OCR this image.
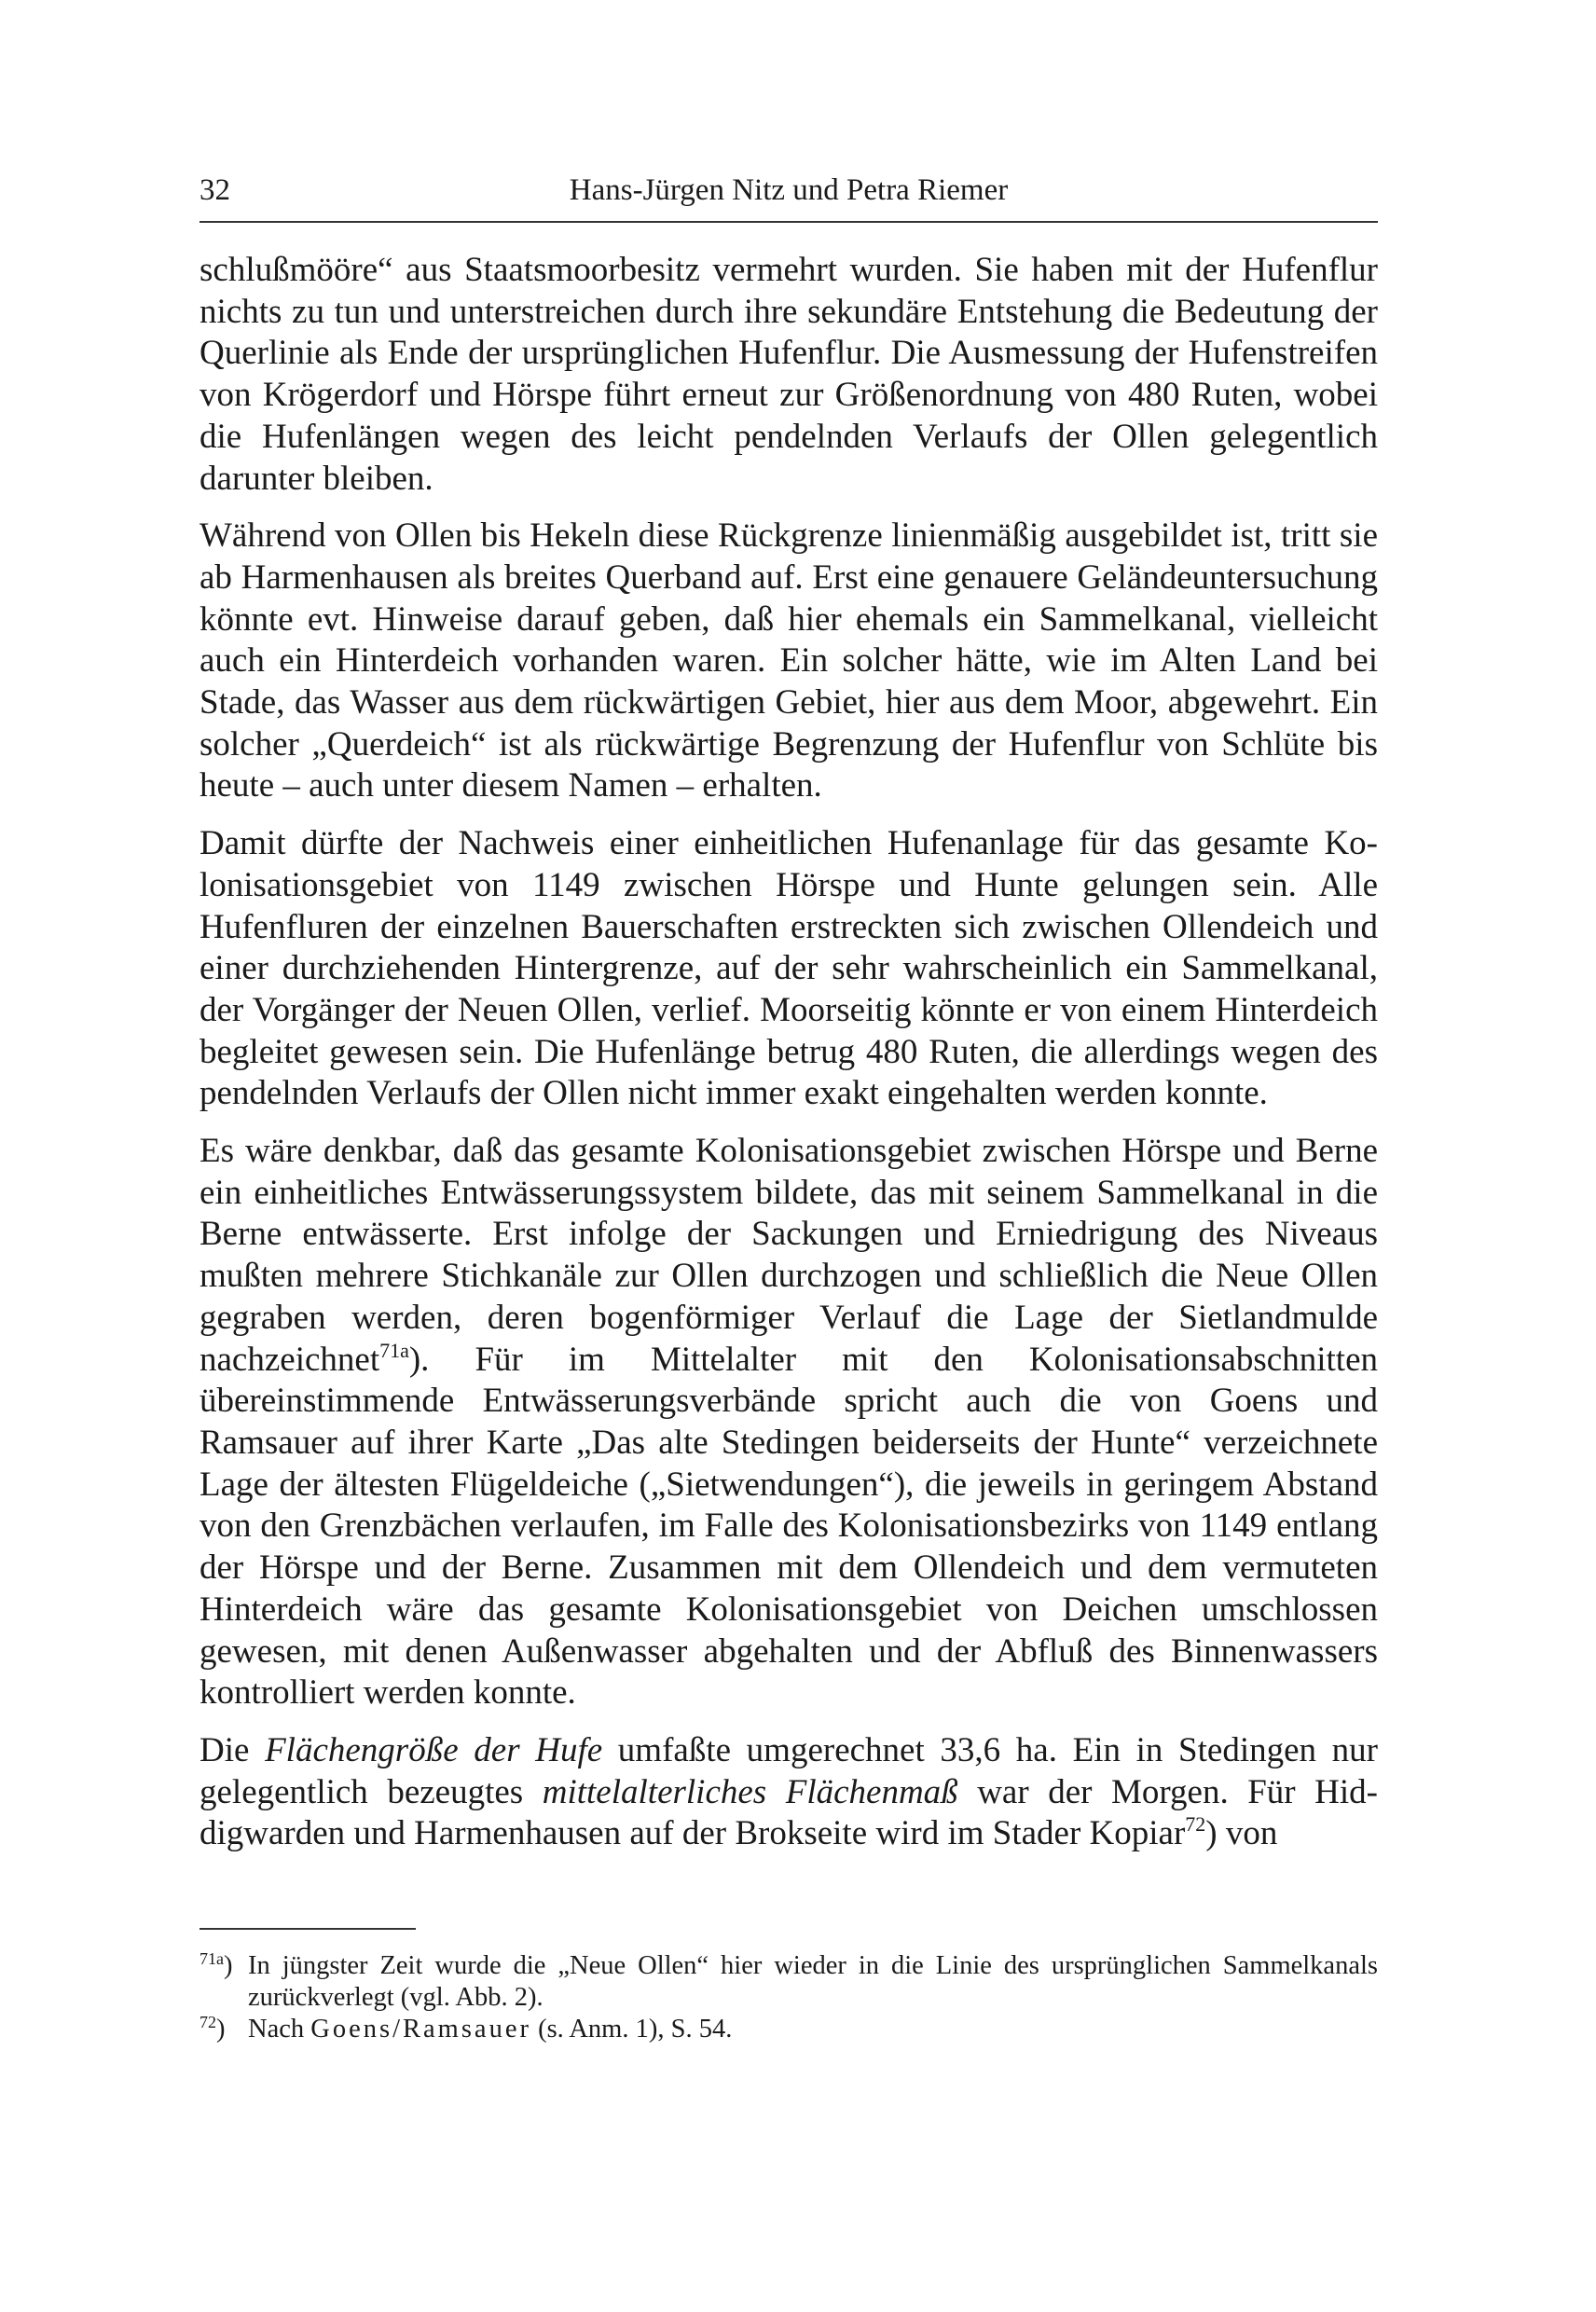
32	Hans-Jürgen Nitz und Petra Riemer

schlußmööre“ aus Staatsmoorbesitz vermehrt wurden. Sie haben mit der Hufenflur nichts zu tun und unterstreichen durch ihre sekundäre Entstehung die Bedeutung der Querlinie als Ende der ursprünglichen Hufenflur. Die Ausmessung der Hufenstreifen von Krögerdorf und Hörspe führt erneut zur Größenordnung von 480 Ruten, wobei die Hufenlängen wegen des leicht pendelnden Verlaufs der Ollen gelegentlich darunter bleiben.

Während von Ollen bis Hekeln diese Rückgrenze linienmäßig ausgebildet ist, tritt sie ab Harmenhausen als breites Querband auf. Erst eine genauere Geländeuntersuchung könnte evt. Hinweise darauf geben, daß hier ehemals ein Sammelkanal, vielleicht auch ein Hinterdeich vorhanden waren. Ein solcher hätte, wie im Alten Land bei Stade, das Wasser aus dem rückwärtigen Gebiet, hier aus dem Moor, abgewehrt. Ein solcher „Querdeich“ ist als rückwärtige Begrenzung der Hufenflur von Schlüte bis heute – auch unter diesem Namen – erhalten.

Damit dürfte der Nachweis einer einheitlichen Hufenanlage für das gesamte Kolonisationsgebiet von 1149 zwischen Hörspe und Hunte gelungen sein. Alle Hufenfluren der einzelnen Bauerschaften erstreckten sich zwischen Ollendeich und einer durchziehenden Hintergrenze, auf der sehr wahrscheinlich ein Sammelkanal, der Vorgänger der Neuen Ollen, verlief. Moorseitig könnte er von einem Hinterdeich begleitet gewesen sein. Die Hufenlänge betrug 480 Ruten, die allerdings wegen des pendelnden Verlaufs der Ollen nicht immer exakt eingehalten werden konnte.

Es wäre denkbar, daß das gesamte Kolonisationsgebiet zwischen Hörspe und Berne ein einheitliches Entwässerungssystem bildete, das mit seinem Sammelkanal in die Berne entwässerte. Erst infolge der Sackungen und Erniedrigung des Niveaus mußten mehrere Stichkanäle zur Ollen durchzogen und schließlich die Neue Ollen gegraben werden, deren bogenförmiger Verlauf die Lage der Sietlandmulde nachzeichnet$^{71a}$). Für im Mittelalter mit den Kolonisationsabschnitten übereinstimmende Entwässerungsverbände spricht auch die von Goens und Ramsauer auf ihrer Karte „Das alte Stedingen beiderseits der Hunte“ verzeichnete Lage der ältesten Flügeldeiche („Sietwendungen“), die jeweils in geringem Abstand von den Grenzbächen verlaufen, im Falle des Kolonisationsbezirks von 1149 entlang der Hörspe und der Berne. Zusammen mit dem Ollendeich und dem vermuteten Hinterdeich wäre das gesamte Kolonisationsgebiet von Deichen umschlossen gewesen, mit denen Außenwasser abgehalten und der Abfluß des Binnenwassers kontrolliert werden konnte.

Die Flächengröße der Hufe umfaßte umgerechnet 33,6 ha. Ein in Stedingen nur gelegentlich bezeugtes mittelalterliches Flächenmaß war der Morgen. Für Hiddigwarden und Harmenhausen auf der Brokseite wird im Stader Kopiar$^{72}$) von

$^{71a}$) In jüngster Zeit wurde die „Neue Ollen“ hier wieder in die Linie des ursprünglichen Sammelkanals zurückverlegt (vgl. Abb. 2).
$^{72}$) Nach Goens/Ramsauer (s. Anm. 1), S. 54.
